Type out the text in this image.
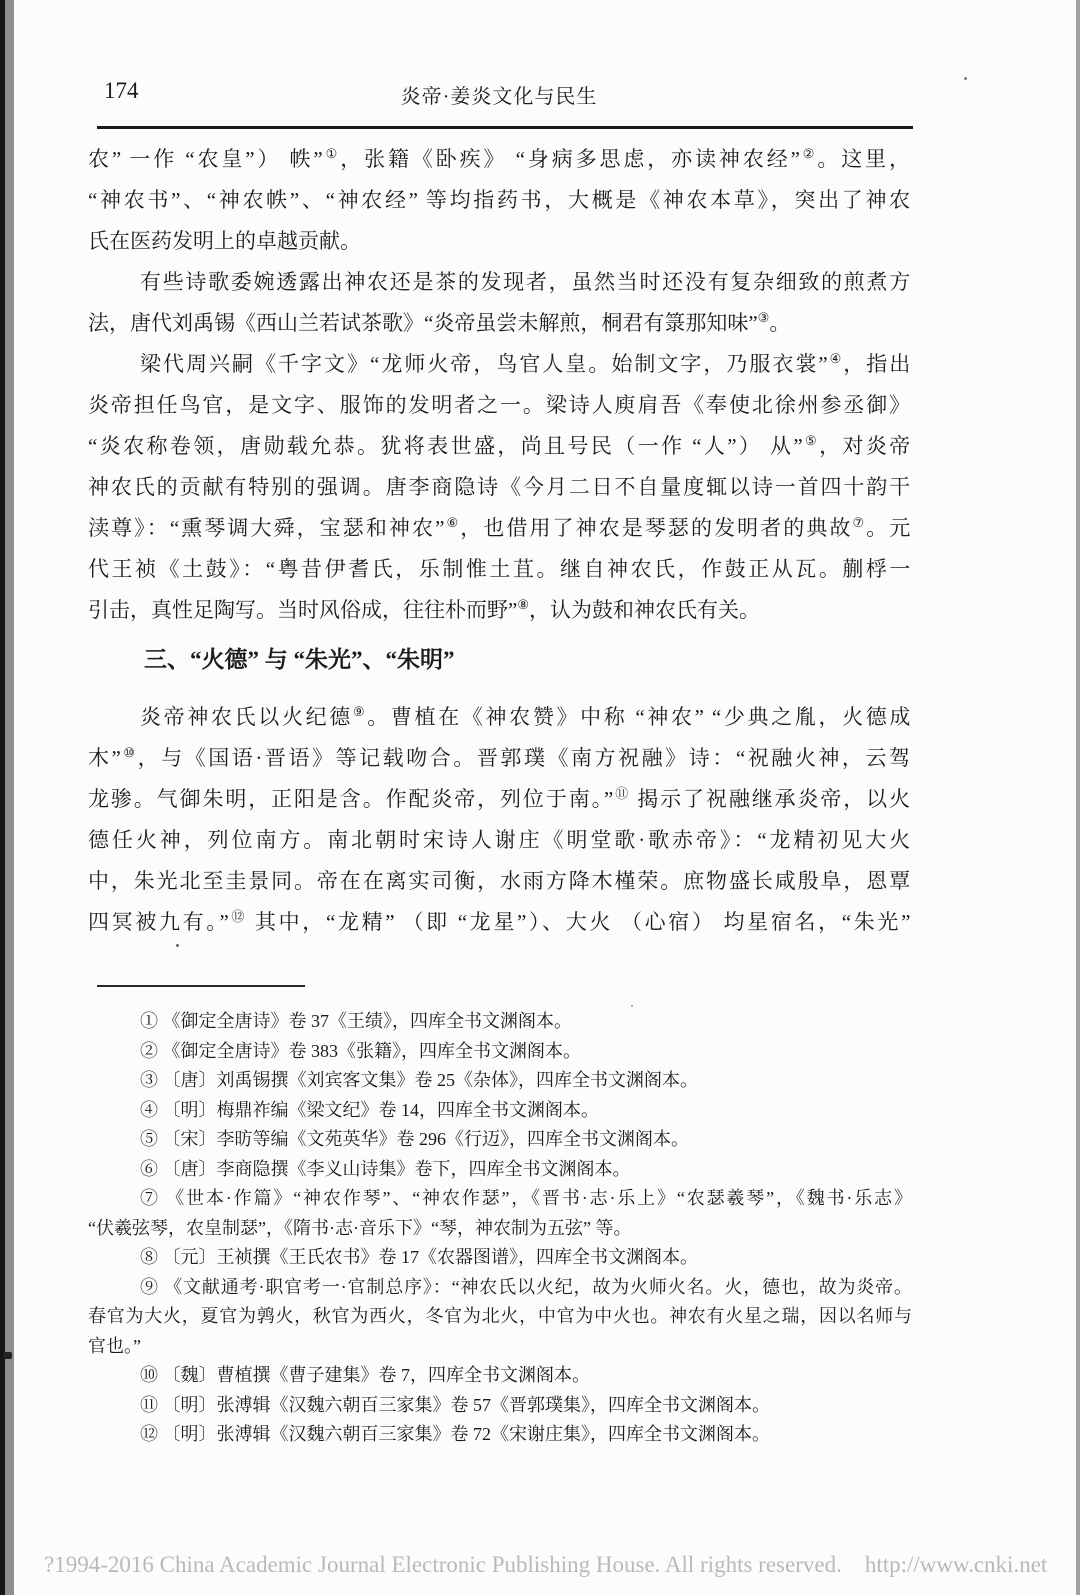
174	炎帝·姜炎文化与民生
农” 一作 “农皇”） 帙”①，张籍《卧疾》 “身病多思虑，亦读神农经”②。这里，
“神农书”、“神农帙”、“神农经” 等均指药书，大概是《神农本草》，突出了神农
氏在医药发明上的卓越贡献。
有些诗歌委婉透露出神农还是茶的发现者，虽然当时还没有复杂细致的煎煮方
法，唐代刘禹锡《西山兰若试茶歌》“炎帝虽尝未解煎，桐君有箓那知味”③。
梁代周兴嗣《千字文》“龙师火帝，鸟官人皇。始制文字，乃服衣裳”④，指出
炎帝担任鸟官，是文字、服饰的发明者之一。梁诗人庾肩吾《奉使北徐州参丞御》
“炎农称卷领，唐勋载允恭。犹将表世盛，尚且号民（一作 “人”） 从”⑤，对炎帝
神农氏的贡献有特别的强调。唐李商隐诗《今月二日不自量度辄以诗一首四十韵干
渎尊》：“熏琴调大舜，宝瑟和神农”⑥，也借用了神农是琴瑟的发明者的典故⑦。元
代王祯《土鼓》：“粤昔伊耆氏，乐制惟土苴。继自神农氏，作鼓正从瓦。蒯桴一
引击，真性足陶写。当时风俗成，往往朴而野”⑧，认为鼓和神农氏有关。
三、“火德” 与 “朱光”、“朱明”
炎帝神农氏以火纪德⑨。曹植在《神农赞》中称 “神农” “少典之胤，火德成
木”⑩，与《国语·晋语》等记载吻合。晋郭璞《南方祝融》诗：“祝融火神，云驾
龙骖。气御朱明，正阳是含。作配炎帝，列位于南。”⑪ 揭示了祝融继承炎帝，以火
德任火神，列位南方。南北朝时宋诗人谢庄《明堂歌·歌赤帝》：“龙精初见大火
中，朱光北至圭景同。帝在在离实司衡，水雨方降木槿荣。庶物盛长咸殷阜，恩覃
四冥被九有。”⑫ 其中，“龙精” （即 “龙星”）、大火 （心宿） 均星宿名，“朱光”
① 《御定全唐诗》卷 37《王绩》，四库全书文渊阁本。
② 《御定全唐诗》卷 383《张籍》，四库全书文渊阁本。
③ 〔唐〕刘禹锡撰《刘宾客文集》卷 25《杂体》，四库全书文渊阁本。
④ 〔明〕梅鼎祚编《梁文纪》卷 14，四库全书文渊阁本。
⑤ 〔宋〕李昉等编《文苑英华》卷 296《行迈》，四库全书文渊阁本。
⑥ 〔唐〕李商隐撰《李义山诗集》卷下，四库全书文渊阁本。
⑦ 《世本·作篇》“神农作琴”、“神农作瑟”，《晋书·志·乐上》“农瑟羲琴”，《魏书·乐志》
“伏羲弦琴，农皇制瑟”，《隋书·志·音乐下》“琴，神农制为五弦” 等。
⑧ 〔元〕王祯撰《王氏农书》卷 17《农器图谱》，四库全书文渊阁本。
⑨ 《文献通考·职官考一·官制总序》：“神农氏以火纪，故为火师火名。火，德也，故为炎帝。
春官为大火，夏官为鹑火，秋官为西火，冬官为北火，中官为中火也。神农有火星之瑞，因以名师与
官也。”
⑩ 〔魏〕曹植撰《曹子建集》卷 7，四库全书文渊阁本。
⑪ 〔明〕张溥辑《汉魏六朝百三家集》卷 57《晋郭璞集》，四库全书文渊阁本。
⑫ 〔明〕张溥辑《汉魏六朝百三家集》卷 72《宋谢庄集》，四库全书文渊阁本。
?1994-2016 China Academic Journal Electronic Publishing House. All rights reserved.    http://www.cnki.net
